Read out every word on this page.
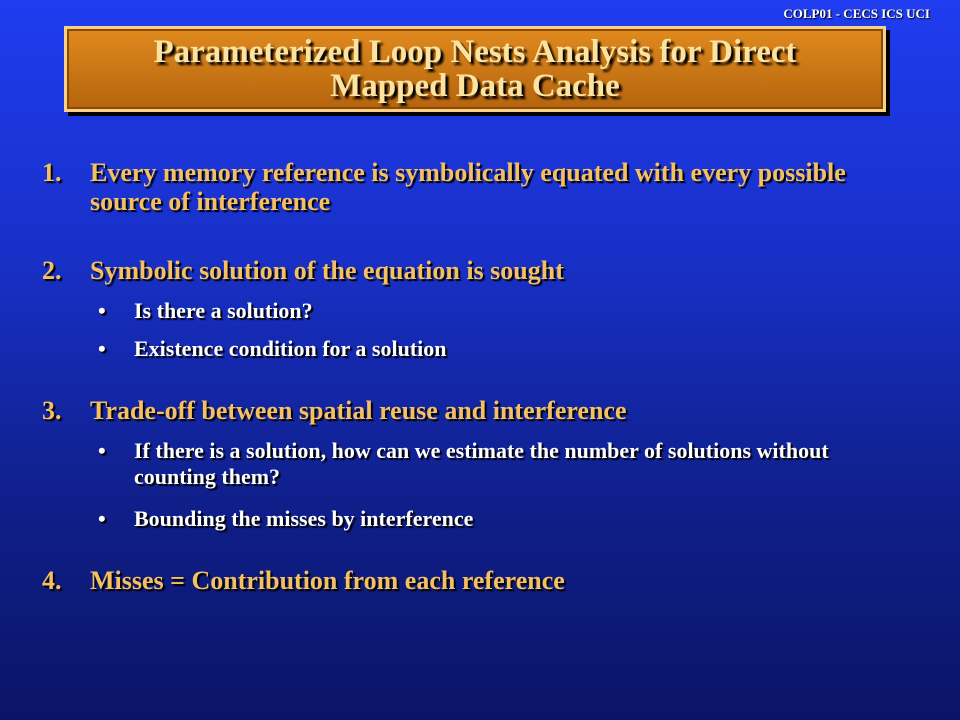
COLP01 - CECS ICS UCI
Parameterized Loop Nests Analysis for Direct
Mapped Data Cache
1.	Every memory reference is symbolically equated with every possible source of interference
2.	Symbolic solution of the equation is sought
•	Is there a solution?
•	Existence condition for a solution
3.	Trade-off between spatial reuse and interference
•	If there is a solution, how can we estimate the number of solutions without counting them?
•	Bounding the misses by interference
4.	Misses = Contribution from each reference
